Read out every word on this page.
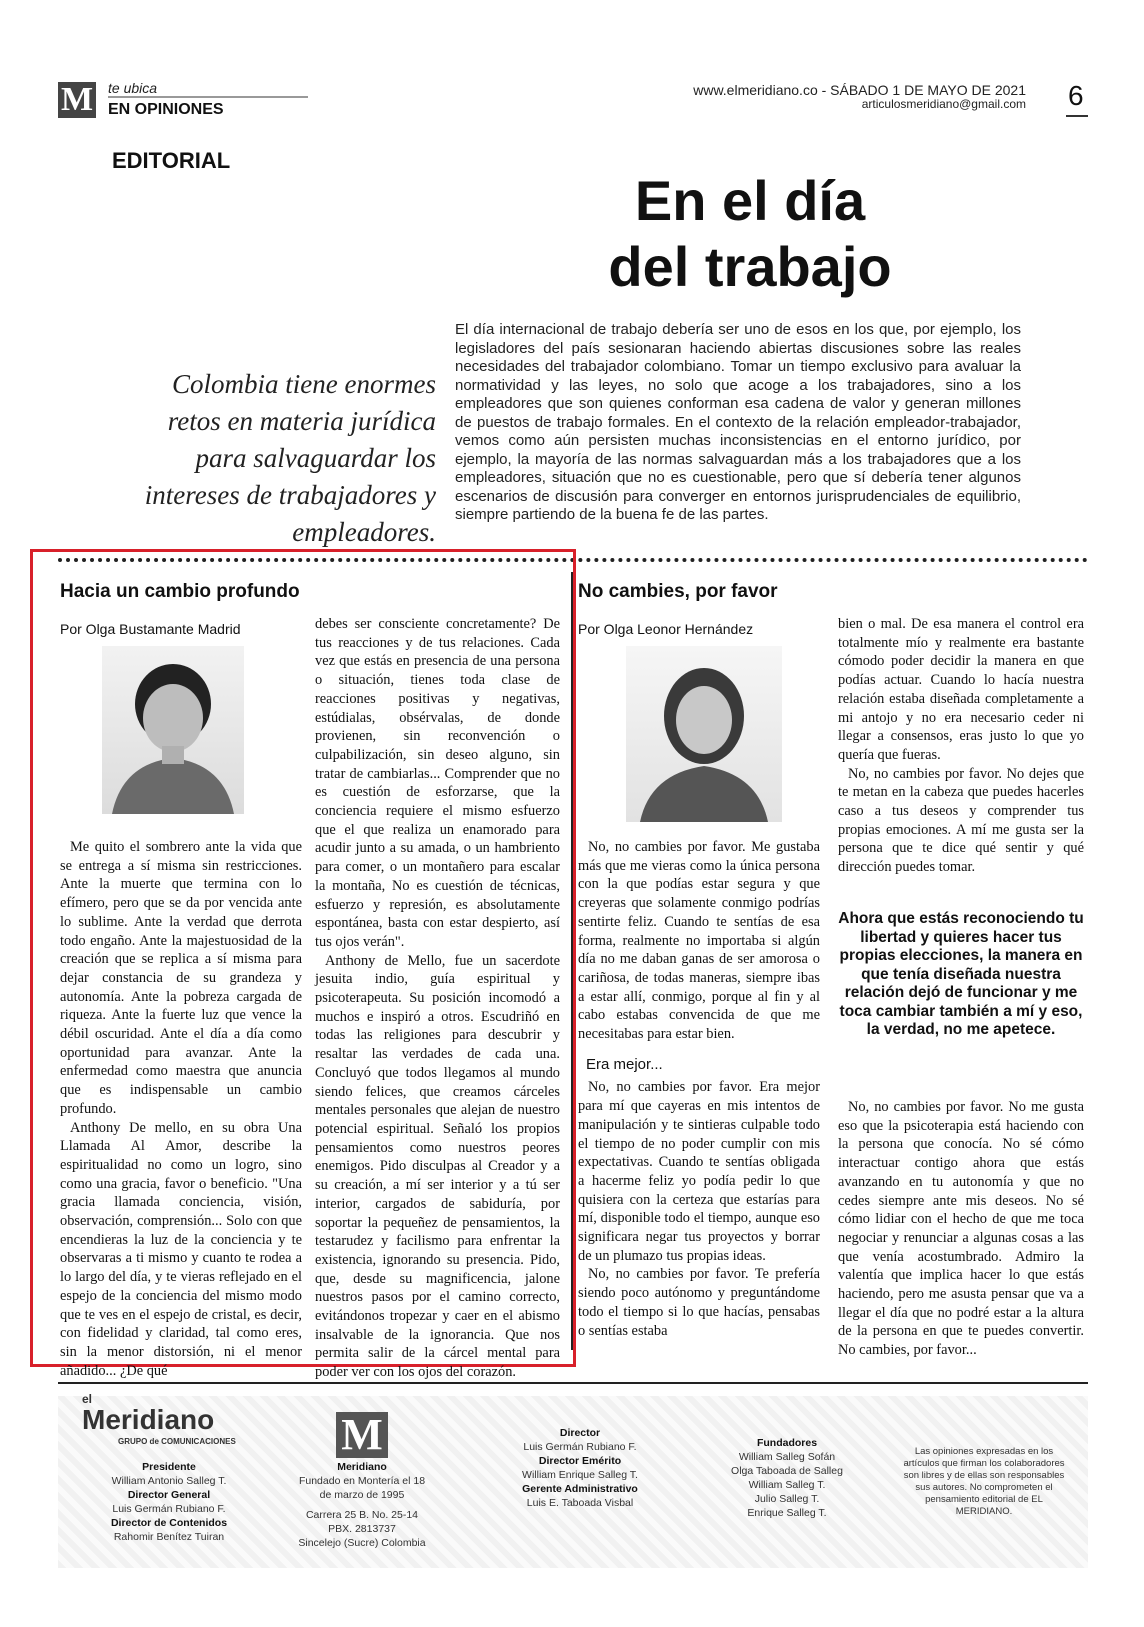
M te ubica
EN OPINIONES
www.elmeridiano.co - SÁBADO 1 DE MAYO DE 2021
articulosmeridiano@gmail.com 6
EDITORIAL
En el día
del trabajo
Colombia tiene enormes retos en materia jurídica para salvaguardar los intereses de trabajadores y empleadores.
El día internacional de trabajo debería ser uno de esos en los que, por ejemplo, los legisladores del país sesionaran haciendo abiertas discusiones sobre las reales necesidades del trabajador colombiano. Tomar un tiempo exclusivo para avaluar la normatividad y las leyes, no solo que acoge a los trabajadores, sino a los empleadores que son quienes conforman esa cadena de valor y generan millones de puestos de trabajo formales. En el contexto de la relación empleador-trabajador, vemos como aún persisten muchas inconsistencias en el entorno jurídico, por ejemplo, la mayoría de las normas salvaguardan más a los trabajadores que a los empleadores, situación que no es cuestionable, pero que sí debería tener algunos escenarios de discusión para converger en entornos jurisprudenciales de equilibrio, siempre partiendo de la buena fe de las partes.
Hacia un cambio profundo
Por Olga Bustamante Madrid

Me quito el sombrero ante la vida que se entrega a sí misma sin restricciones. Ante la muerte que termina con lo efímero, pero que se da por vencida ante lo sublime. Ante la verdad que derrota todo engaño. Ante la majestuosidad de la creación que se replica a sí misma para dejar constancia de su grandeza y autonomía. Ante la pobreza cargada de riqueza. Ante la fuerte luz que vence la débil oscuridad. Ante el día a día como oportunidad para avanzar. Ante la enfermedad como maestra que anuncia que es indispensable un cambio profundo.

Anthony De mello, en su obra Una Llamada Al Amor, describe la espiritualidad no como un logro, sino como una gracia, favor o beneficio. "Una gracia llamada conciencia, visión, observación, comprensión... Solo con que encendieras la luz de la conciencia y te observaras a ti mismo y cuanto te rodea a lo largo del día, y te vieras reflejado en el espejo de la conciencia del mismo modo que te ves en el espejo de cristal, es decir, con fidelidad y claridad, tal como eres, sin la menor distorsión, ni el menor añadido... ¿De qué

debes ser consciente concretamente? De tus reacciones y de tus relaciones. Cada vez que estás en presencia de una persona o situación, tienes toda clase de reacciones positivas y negativas, estúdialas, obsérvalas, de donde provienen, sin reconvención o culpabilización, sin deseo alguno, sin tratar de cambiarlas... Comprender que no es cuestión de esforzarse, que la conciencia requiere el mismo esfuerzo que el que realiza un enamorado para acudir junto a su amada, o un hambriento para comer, o un montañero para escalar la montaña, No es cuestión de técnicas, esfuerzo y represión, es absolutamente espontánea, basta con estar despierto, así tus ojos verán".

Anthony de Mello, fue un sacerdote jesuita indio, guía espiritual y psicoterapeuta. Su posición incomodó a muchos e inspiró a otros. Escudriñó en todas las religiones para descubrir y resaltar las verdades de cada una. Concluyó que todos llegamos al mundo siendo felices, que creamos cárceles mentales personales que alejan de nuestro potencial espiritual. Señaló los propios pensamientos como nuestros peores enemigos. Pido disculpas al Creador y a su creación, a mí ser interior y a tú ser interior, cargados de sabiduría, por soportar la pequeñez de pensamientos, la testarudez y facilismo para enfrentar la existencia, ignorando su presencia. Pido, que, desde su magnificencia, jalone nuestros pasos por el camino correcto, evitándonos tropezar y caer en el abismo insalvable de la ignorancia. Que nos permita salir de la cárcel mental para poder ver con los ojos del corazón.

No cambies, por favor
Por Olga Leonor Hernández

No, no cambies por favor. Me gustaba más que me vieras como la única persona con la que podías estar segura y que creyeras que solamente conmigo podrías sentirte feliz. Cuando te sentías de esa forma, realmente no importaba si algún día no me daban ganas de ser amorosa o cariñosa, de todas maneras, siempre ibas a estar allí, conmigo, porque al fin y al cabo estabas convencida de que me necesitabas para estar bien.

Era mejor...

No, no cambies por favor. Era mejor para mí que cayeras en mis intentos de manipulación y te sintieras culpable todo el tiempo de no poder cumplir con mis expectativas. Cuando te sentías obligada a hacerme feliz yo podía pedir lo que quisiera con la certeza que estarías para mí, disponible todo el tiempo, aunque eso significara negar tus proyectos y borrar de un plumazo tus propias ideas.

No, no cambies por favor. Te prefería siendo poco autónomo y preguntándome todo el tiempo si lo que hacías, pensabas o sentías estaba

bien o mal. De esa manera el control era totalmente mío y realmente era bastante cómodo poder decidir la manera en que podías actuar. Cuando lo hacía nuestra relación estaba diseñada completamente a mi antojo y no era necesario ceder ni llegar a consensos, eras justo lo que yo quería que fueras.

No, no cambies por favor. No dejes que te metan en la cabeza que puedes hacerles caso a tus deseos y comprender tus propias emociones. A mí me gusta ser la persona que te dice qué sentir y qué dirección puedes tomar.

Ahora que estás reconociendo tu libertad y quieres hacer tus propias elecciones, la manera en que tenía diseñada nuestra relación dejó de funcionar y me toca cambiar también a mí y eso, la verdad, no me apetece.

No, no cambies por favor. No me gusta eso que la psicoterapia está haciendo con la persona que conocía. No sé cómo interactuar contigo ahora que estás avanzando en tu autonomía y que no cedes siempre ante mis deseos. No sé cómo lidiar con el hecho de que me toca negociar y renunciar a algunas cosas a las que venía acostumbrado. Admiro la valentía que implica hacer lo que estás haciendo, pero me asusta pensar que va a llegar el día que no podré estar a la altura de la persona en que te puedes convertir. No cambies, por favor...

el
Meridiano
GRUPO de COMUNICACIONES
Presidente
William Antonio Salleg T.
Director General
Luis Germán Rubiano F.
Director de Contenidos
Rahomir Benítez Tuiran
M
Meridiano
Fundado en Montería el 18 de marzo de 1995
Carrera 25 B. No. 25-14
PBX. 2813737
Sincelejo (Sucre) Colombia
Director
Luis Germán Rubiano F.
Director Emérito
William Enrique Salleg T.
Gerente Administrativo
Luis E. Taboada Visbal
Fundadores
William Salleg Sofán
Olga Taboada de Salleg
William Salleg T.
Julio Salleg T.
Enrique Salleg T.
Las opiniones expresadas en los artículos que firman los colaboradores son libres y de ellas son responsables sus autores. No comprometen el pensamiento editorial de EL MERIDIANO.
